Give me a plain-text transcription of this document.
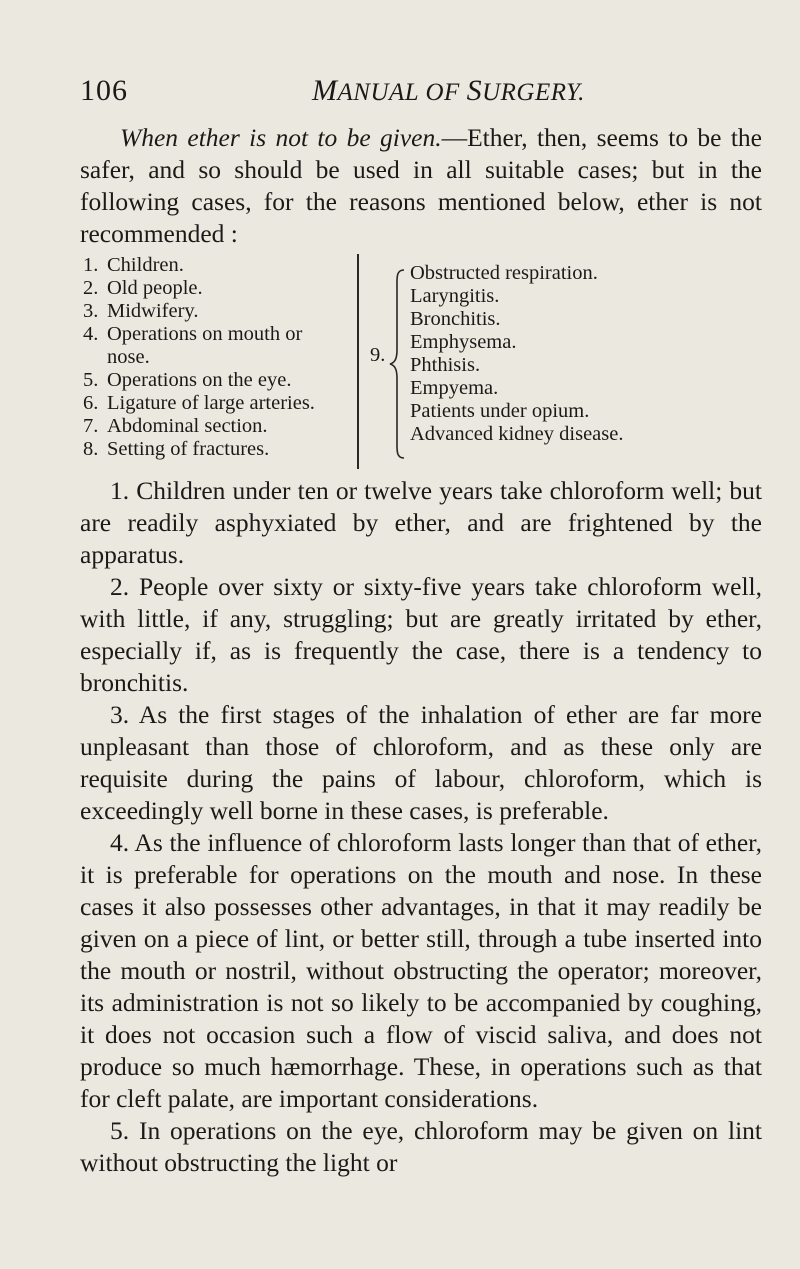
106	MANUAL OF SURGERY.
When ether is not to be given.—Ether, then, seems to be the safer, and so should be used in all suitable cases; but in the following cases, for the reasons mentioned below, ether is not recommended :
1. Children.
2. Old people.
3. Midwifery.
4. Operations on mouth or nose.
5. Operations on the eye.
6. Ligature of large arteries.
7. Abdominal section.
8. Setting of fractures.
9.
Obstructed respiration.
Laryngitis.
Bronchitis.
Emphysema.
Phthisis.
Empyema.
Patients under opium.
Advanced kidney disease.

1. Children under ten or twelve years take chloroform well; but are readily asphyxiated by ether, and are frightened by the apparatus.

2. People over sixty or sixty-five years take chloroform well, with little, if any, struggling; but are greatly irritated by ether, especially if, as is frequently the case, there is a tendency to bronchitis.

3. As the first stages of the inhalation of ether are far more unpleasant than those of chloroform, and as these only are requisite during the pains of labour, chloroform, which is exceedingly well borne in these cases, is preferable.

4. As the influence of chloroform lasts longer than that of ether, it is preferable for operations on the mouth and nose. In these cases it also possesses other advantages, in that it may readily be given on a piece of lint, or better still, through a tube inserted into the mouth or nostril, without obstructing the operator; moreover, its administration is not so likely to be accompanied by coughing, it does not occasion such a flow of viscid saliva, and does not produce so much hæmorrhage. These, in operations such as that for cleft palate, are important considerations.

5. In operations on the eye, chloroform may be given on lint without obstructing the light or
